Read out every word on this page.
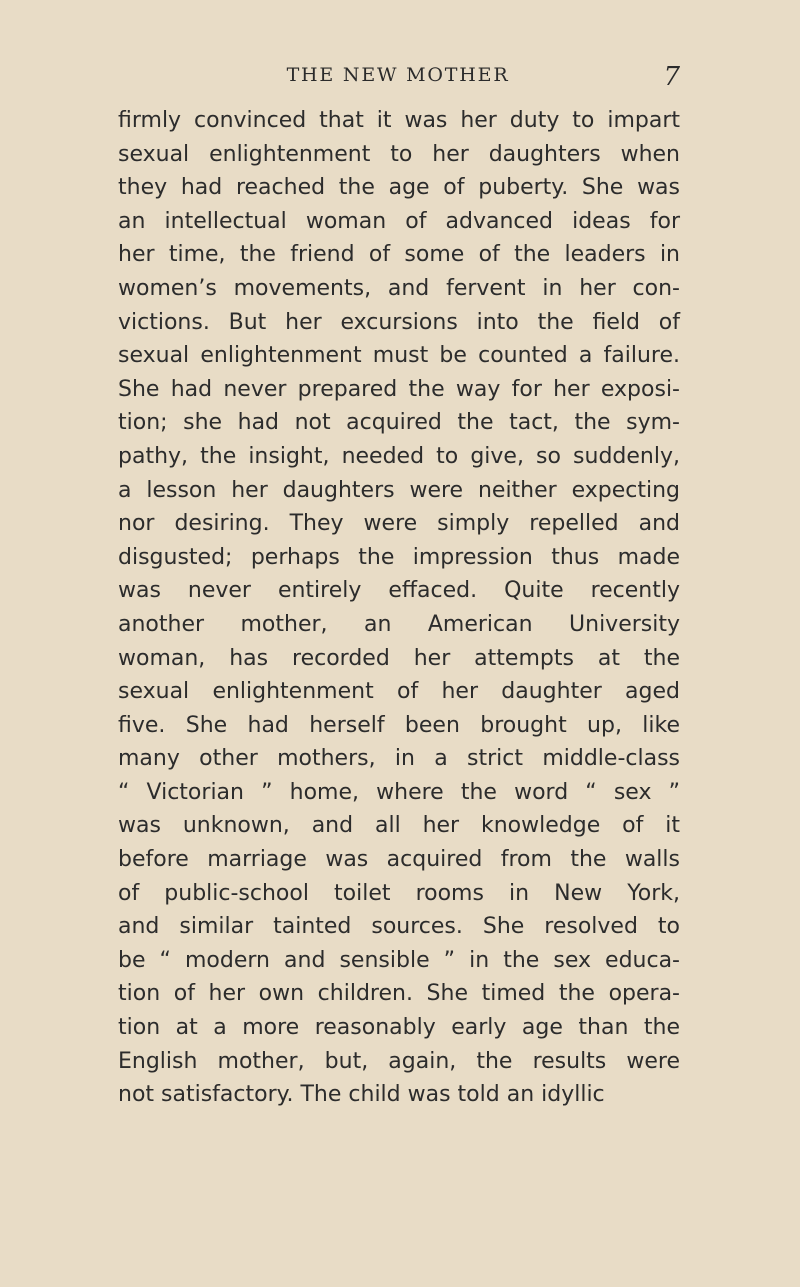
THE NEW MOTHER	7
firmly convinced that it was her duty to impart
sexual enlightenment to her daughters when
they had reached the age of puberty. She was
an intellectual woman of advanced ideas for
her time, the friend of some of the leaders in
women’s movements, and fervent in her con-
victions. But her excursions into the field of
sexual enlightenment must be counted a failure.
She had never prepared the way for her exposi-
tion; she had not acquired the tact, the sym-
pathy, the insight, needed to give, so suddenly,
a lesson her daughters were neither expecting
nor desiring. They were simply repelled and
disgusted; perhaps the impression thus made
was never entirely effaced. Quite recently
another mother, an American University
woman, has recorded her attempts at the
sexual enlightenment of her daughter aged
five. She had herself been brought up, like
many other mothers, in a strict middle-class
“ Victorian ” home, where the word “ sex ”
was unknown, and all her knowledge of it
before marriage was acquired from the walls
of public-school toilet rooms in New York,
and similar tainted sources. She resolved to
be “ modern and sensible ” in the sex educa-
tion of her own children. She timed the opera-
tion at a more reasonably early age than the
English mother, but, again, the results were
not satisfactory. The child was told an idyllic
